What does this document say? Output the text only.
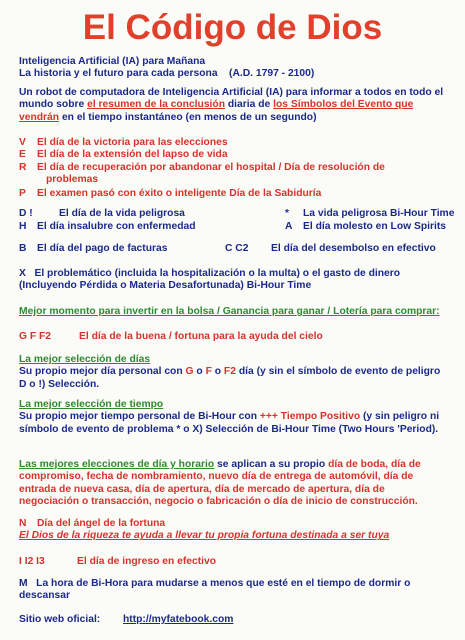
El Código de Dios
Inteligencia Artificial (IA) para Mañana
La historia y el futuro para cada persona (A.D. 1797 - 2100)
Un robot de computadora de Inteligencia Artificial (IA) para informar a todos en todo el mundo sobre el resumen de la conclusión diaria de los Símbolos del Evento que vendrán en el tiempo instantáneo (en menos de un segundo)
V El día de la victoria para las elecciones
E El día de la extensión del lapso de vida
R El día de recuperación por abandonar el hospital / Día de resolución de
problemas
P El examen pasó con éxito o inteligente Día de la Sabiduría
D !	El día de la vida peligrosa	* La vida peligrosa Bi-Hour Time
H El día insalubre con enfermedad	A El día molesto en Low Spirits
B El día del pago de facturas	C C2 El día del desembolso en efectivo
X El problemático (incluida la hospitalización o la multa) o el gasto de dinero (Incluyendo Pérdida o Materia Desafortunada) Bi-Hour Time
Mejor momento para invertir en la bolsa / Ganancia para ganar / Lotería para comprar:
G F F2	El día de la buena / fortuna para la ayuda del cielo
La mejor selección de días
Su propio mejor día personal con G o F o F2 día (y sin el símbolo de evento de peligro D o !) Selección.
La mejor selección de tiempo
Su propio mejor tiempo personal de Bi-Hour con +++ Tiempo Positivo (y sin peligro ni símbolo de evento de problema * o X) Selección de Bi-Hour Time (Two Hours 'Period).
Las mejores elecciones de día y horario se aplican a su propio día de boda, día de compromiso, fecha de nombramiento, nuevo día de entrega de automóvil, día de entrada de nueva casa, día de apertura, día de mercado de apertura, día de negociación o transacción, negocio o fabricación o día de inicio de construcción.
N Día del ángel de la fortuna
El Dios de la riqueza te ayuda a llevar tu propia fortuna destinada a ser tuya
I I2 I3	El día de ingreso en efectivo
M La hora de Bi-Hora para mudarse a menos que esté en el tiempo de dormir o descansar
Sitio web oficial: http://myfatebook.com
